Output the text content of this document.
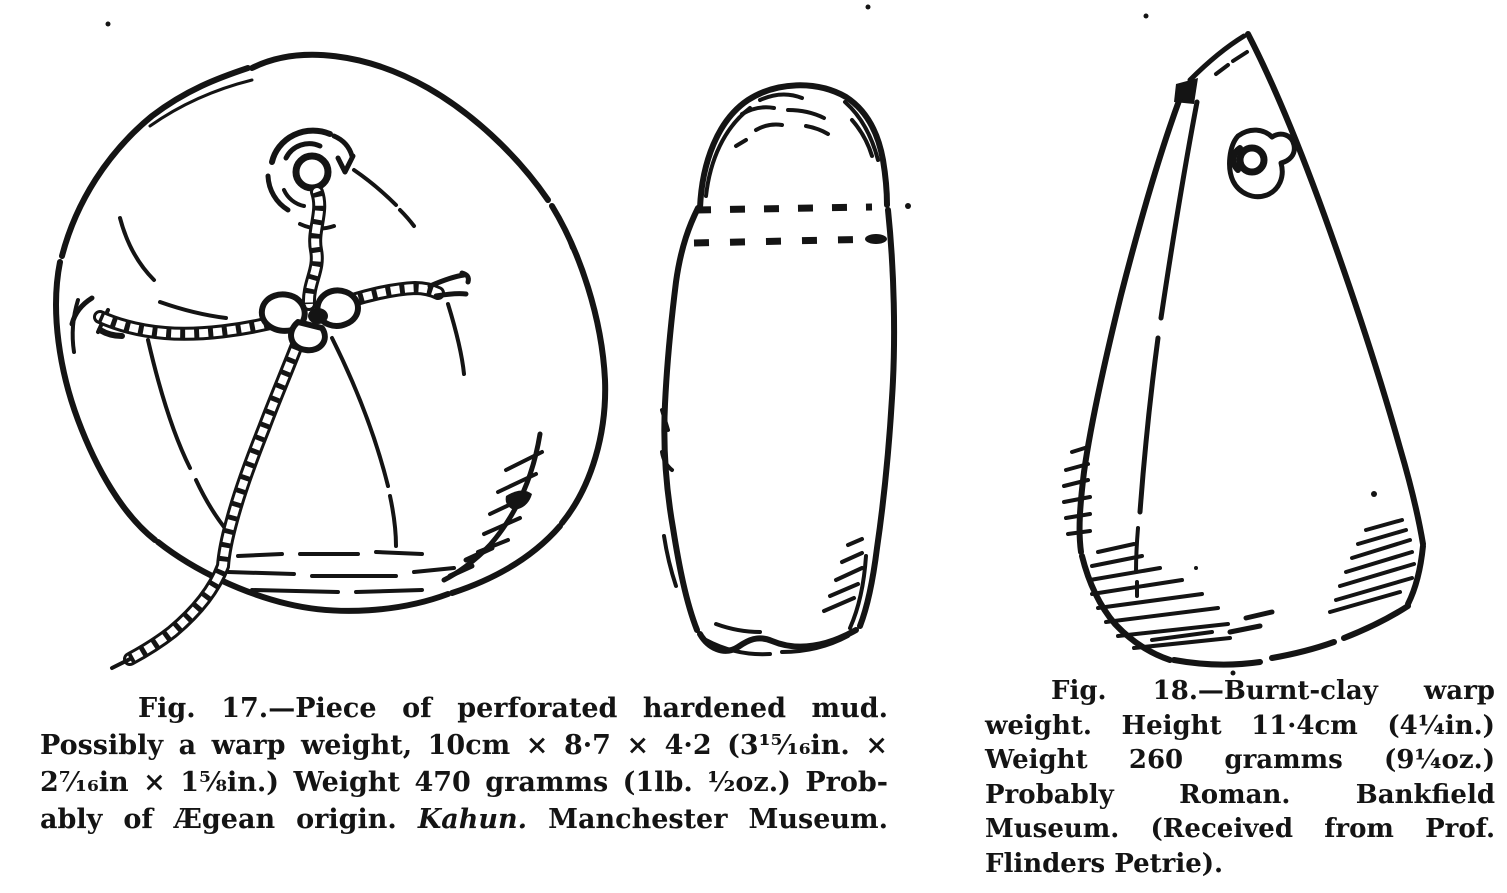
Fig. 17.—Piece of perforated hardened mud.
Possibly a warp weight, 10cm × 8·7 × 4·2 (3¹⁵⁄₁₆in. ×
2⁷⁄₁₆in × 1⅝in.) Weight 470 gramms (1lb. ½oz.) Prob-
ably of Ægean origin. Kahun. Manchester Museum.
Fig. 18.—Burnt-clay warp
weight. Height 11·4cm (4¼in.)
Weight 260 gramms (9¼oz.)
Probably Roman. Bankfield
Museum. (Received from Prof.
Flinders Petrie).
